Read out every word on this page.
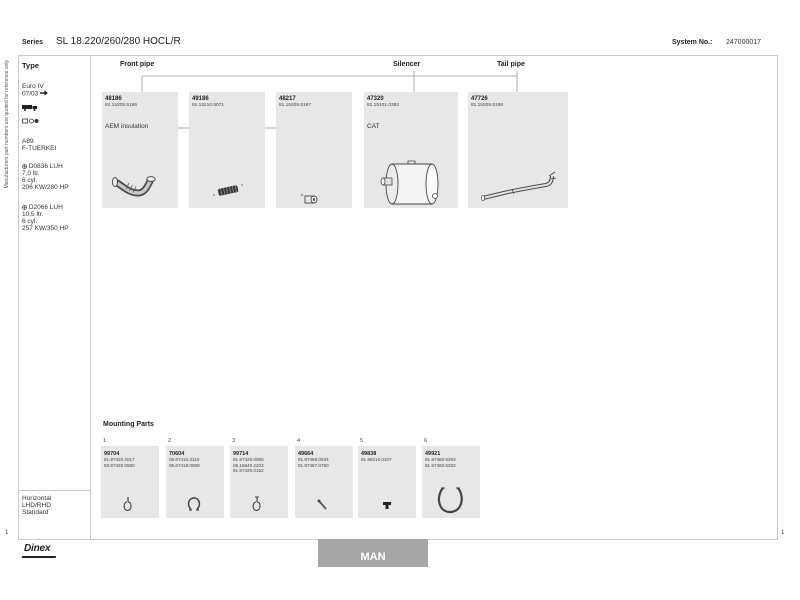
Series SL 18.220/260/280 HOCL/R	System No.: 247000017
Manufacturers part numbers are quoted for reference only Type
Euro IV
07/03
A89
F-TUERKEI
D0836 LUH
7,0 ltr.
6 cyl.
206 KW/280 HP
D2066 LUH
10,5 ltr.
6 cyl.
257 KW/350 HP
Horizontal
LHD/RHD
Standard
Front pipe	Silencer	Tail pipe
48186
81.15205.5186
AEM insulation
49186
81.15210.5071
48217
81.15205.5197
47320
81.15101.0382
CAT
47726
81.15205.5198
Mounting Parts
1
99704
81.97420.2017
83.97420.0500
2
70604
06.67410.3110
06.67419.0009
3
99714
81.97420.0065
06.15640.2203
81.97420.0152
4
49664
81.97486.0534
81.97487.0780
5
49838
81.96210.0107
6
49921
81.97460.5293
81.97460.5332
1	1
Dinex
MAN
